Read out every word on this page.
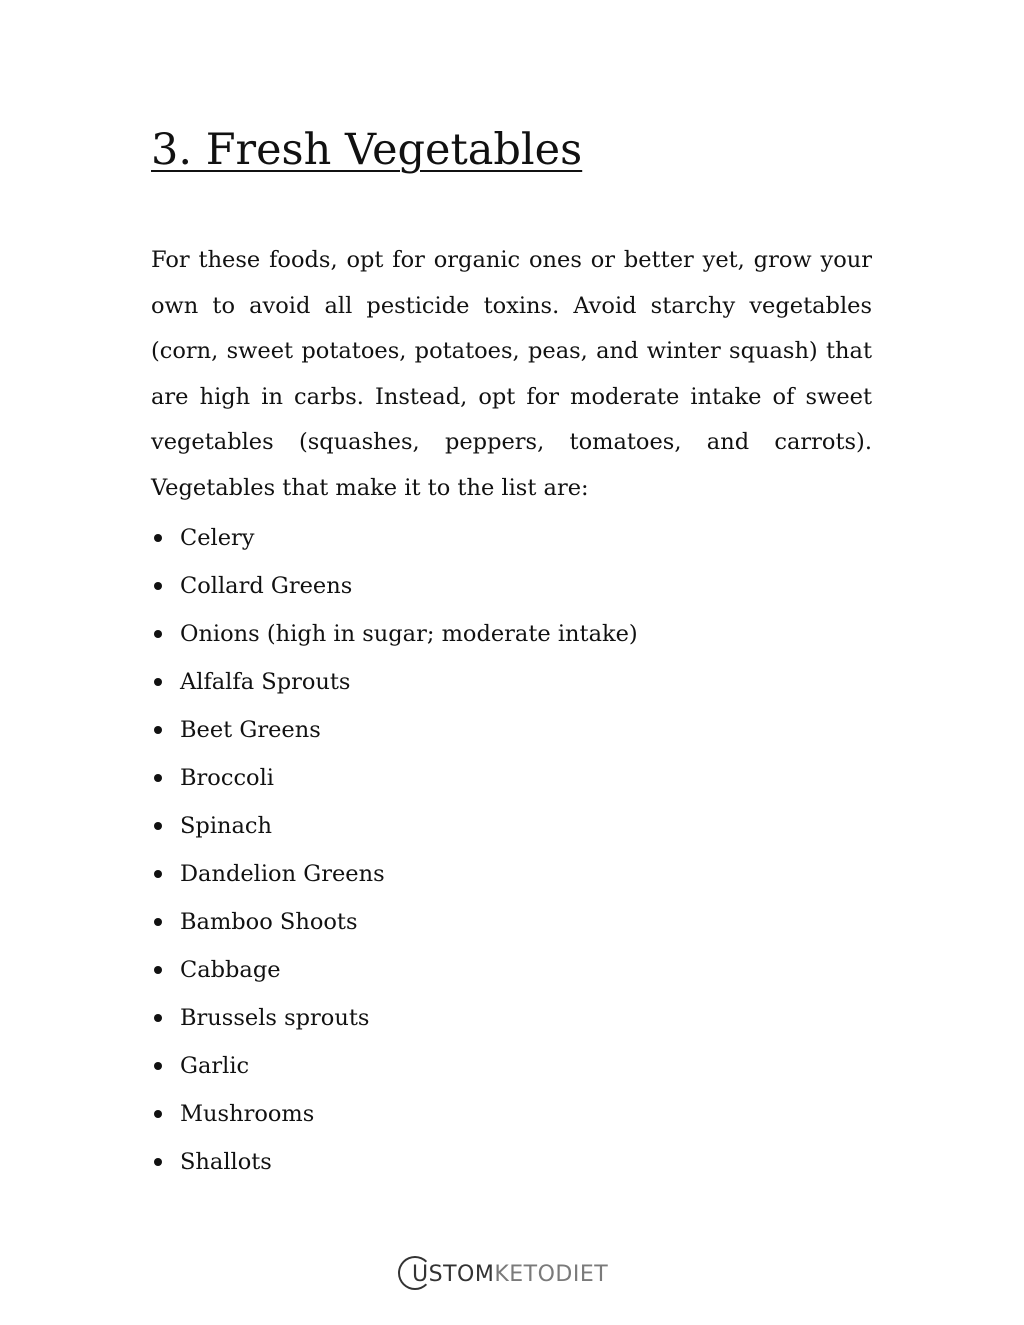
3. Fresh Vegetables

For these foods, opt for organic ones or better yet, grow your own to avoid all pesticide toxins. Avoid starchy vegetables (corn, sweet potatoes, potatoes, peas, and winter squash) that are high in carbs. Instead, opt for moderate intake of sweet vegetables (squashes, peppers, tomatoes, and carrots). Vegetables that make it to the list are:

Celery
Collard Greens
Onions (high in sugar; moderate intake)
Alfalfa Sprouts
Beet Greens
Broccoli
Spinach
Dandelion Greens
Bamboo Shoots
Cabbage
Brussels sprouts
Garlic
Mushrooms
Shallots
USTOMKETODIET
